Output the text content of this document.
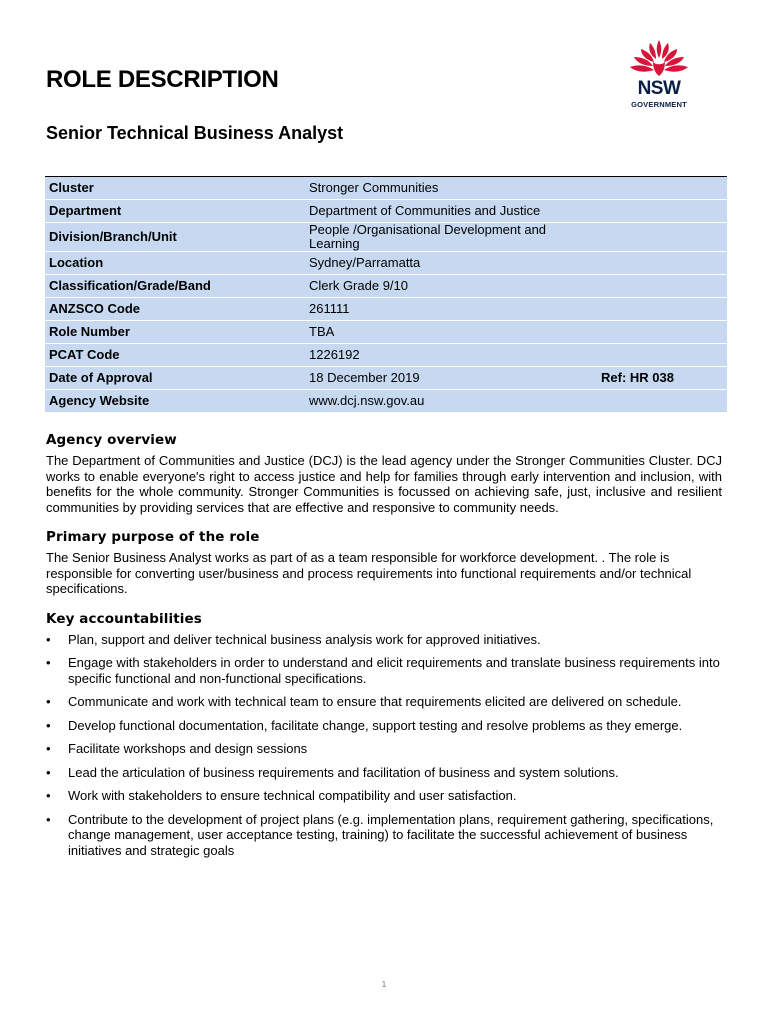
ROLE DESCRIPTION
Senior Technical Business Analyst
NSW
GOVERNMENT
Cluster	Stronger Communities	
Department	Department of Communities and Justice	
Division/Branch/Unit	People /Organisational Development and Learning	
Location	Sydney/Parramatta	
Classification/Grade/Band	Clerk Grade 9/10	
ANZSCO Code	261111	
Role Number	TBA	
PCAT Code	1226192	
Date of Approval	18 December 2019	Ref: HR 038
Agency Website	www.dcj.nsw.gov.au	
Agency overview

The Department of Communities and Justice (DCJ) is the lead agency under the Stronger Communities Cluster. DCJ works to enable everyone's right to access justice and help for families through early intervention and inclusion, with benefits for the whole community. Stronger Communities is focussed on achieving safe, just, inclusive and resilient communities by providing services that are effective and responsive to community needs.

Primary purpose of the role

The Senior Business Analyst works as part of as a team responsible for workforce development. . The role is responsible for converting user/business and process requirements into functional requirements and/or technical specifications.

Key accountabilities
• Plan, support and deliver technical business analysis work for approved initiatives.
• Engage with stakeholders in order to understand and elicit requirements and translate business requirements into specific functional and non-functional specifications.
• Communicate and work with technical team to ensure that requirements elicited are delivered on schedule.
• Develop functional documentation, facilitate change, support testing and resolve problems as they emerge.
• Facilitate workshops and design sessions
• Lead the articulation of business requirements and facilitation of business and system solutions.
• Work with stakeholders to ensure technical compatibility and user satisfaction.
• Contribute to the development of project plans (e.g. implementation plans, requirement gathering, specifications, change management, user acceptance testing, training) to facilitate the successful achievement of business initiatives and strategic goals
1
